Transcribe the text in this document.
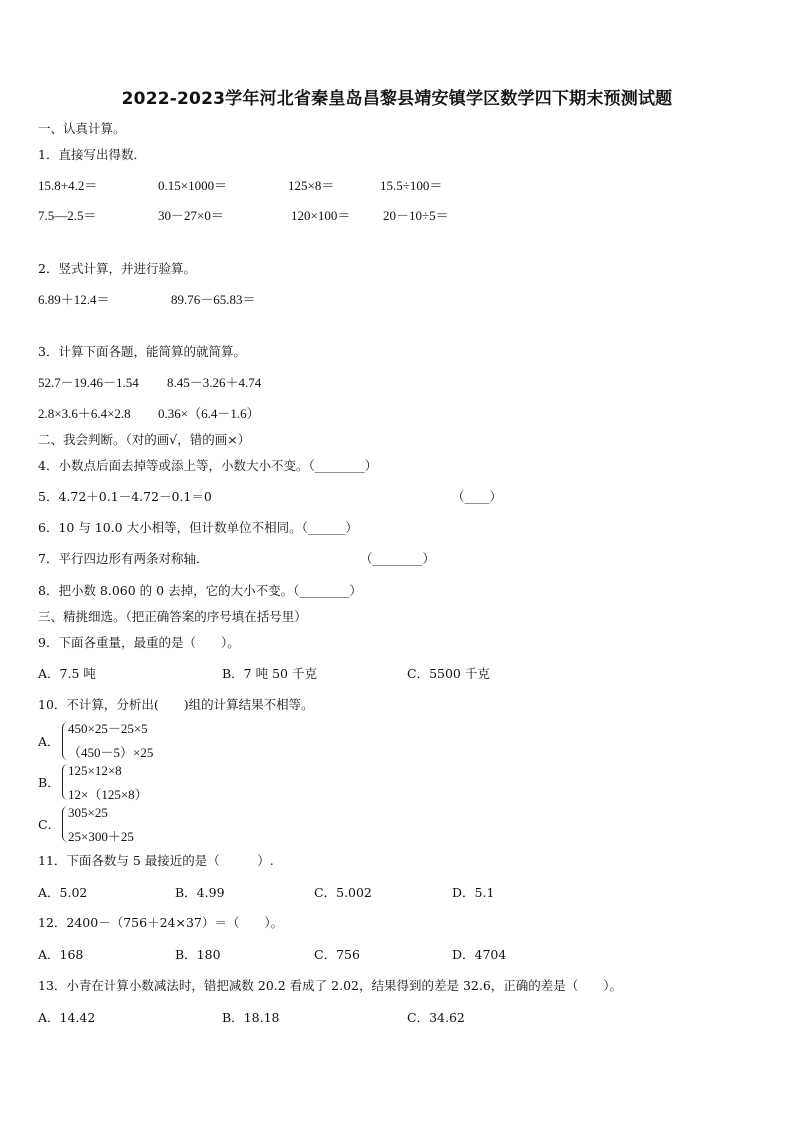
2022-2023学年河北省秦皇岛昌黎县靖安镇学区数学四下期末预测试题
一、认真计算。
1．直接写出得数．
15.8+4.2＝	0.15×1000＝	125×8＝	15.5÷100＝
7.5—2.5＝	30－27×0＝	120×100＝	20－10÷5＝
2．竖式计算，并进行验算。
6.89＋12.4＝	89.76－65.83＝
3．计算下面各题，能简算的就简算。
52.7－19.46－1.54 8.45－3.26＋4.74
2.8×3.6＋6.4×2.8 0.36×（6.4－1.6）
二、我会判断。（对的画√，错的画×）
4．小数点后面去掉等或添上等，小数大小不变。（________）
5．4.72＋0.1－4.72－0.1＝0	（____）
6．10 与 10.0 大小相等，但计数单位不相同。（______）
7．平行四边形有两条对称轴．	（________）
8．把小数 8.060 的 0 去掉，它的大小不变。（________）
三、精挑细选。（把正确答案的序号填在括号里）
9．下面各重量，最重的是（　　）。
A．7.5 吨	B．7 吨 50 千克	C．5500 千克
10．不计算，分析出(　　)组的计算结果不相等。
A．
450×25－25×5
（450－5）×25
B．
125×12×8
12×（125×8）
C．
305×25
25×300＋25
11．下面各数与 5 最接近的是（　　　）.
A．5.02	B．4.99	C．5.002	D．5.1
12．2400－（756＋24×37）＝（　　）。
A．168	B．180	C．756	D．4704
13．小青在计算小数减法时，错把减数 20.2 看成了 2.02，结果得到的差是 32.6，正确的差是（　　）。
A．14.42	B．18.18	C．34.62
